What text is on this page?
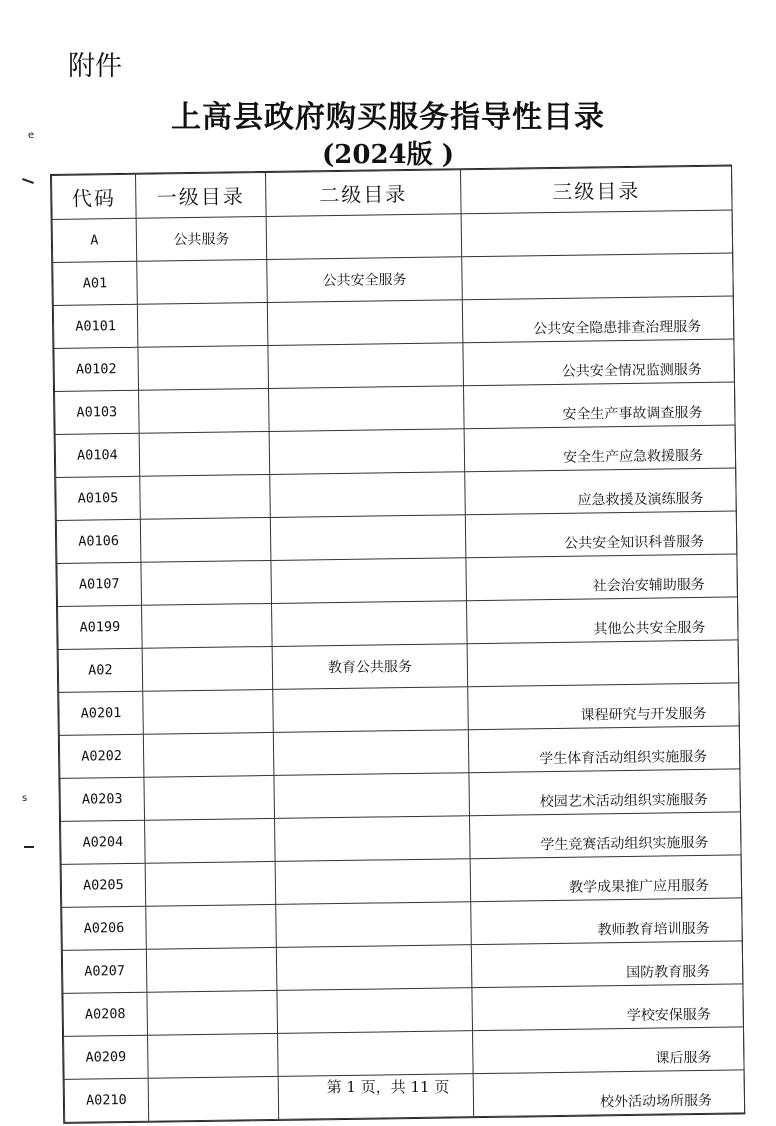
附件
上高县政府购买服务指导性目录
(2024版 )
e
s
代码	一级目录	二级目录	三级目录
A	公共服务		
A01		公共安全服务	
A0101			公共安全隐患排查治理服务
A0102			公共安全情况监测服务
A0103			安全生产事故调查服务
A0104			安全生产应急救援服务
A0105			应急救援及演练服务
A0106			公共安全知识科普服务
A0107			社会治安辅助服务
A0199			其他公共安全服务
A02		教育公共服务	
A0201			课程研究与开发服务
A0202			学生体育活动组织实施服务
A0203			校园艺术活动组织实施服务
A0204			学生竞赛活动组织实施服务
A0205			教学成果推广应用服务
A0206			教师教育培训服务
A0207			国防教育服务
A0208			学校安保服务
A0209			课后服务
A0210			校外活动场所服务
第 1 页，共 11 页
